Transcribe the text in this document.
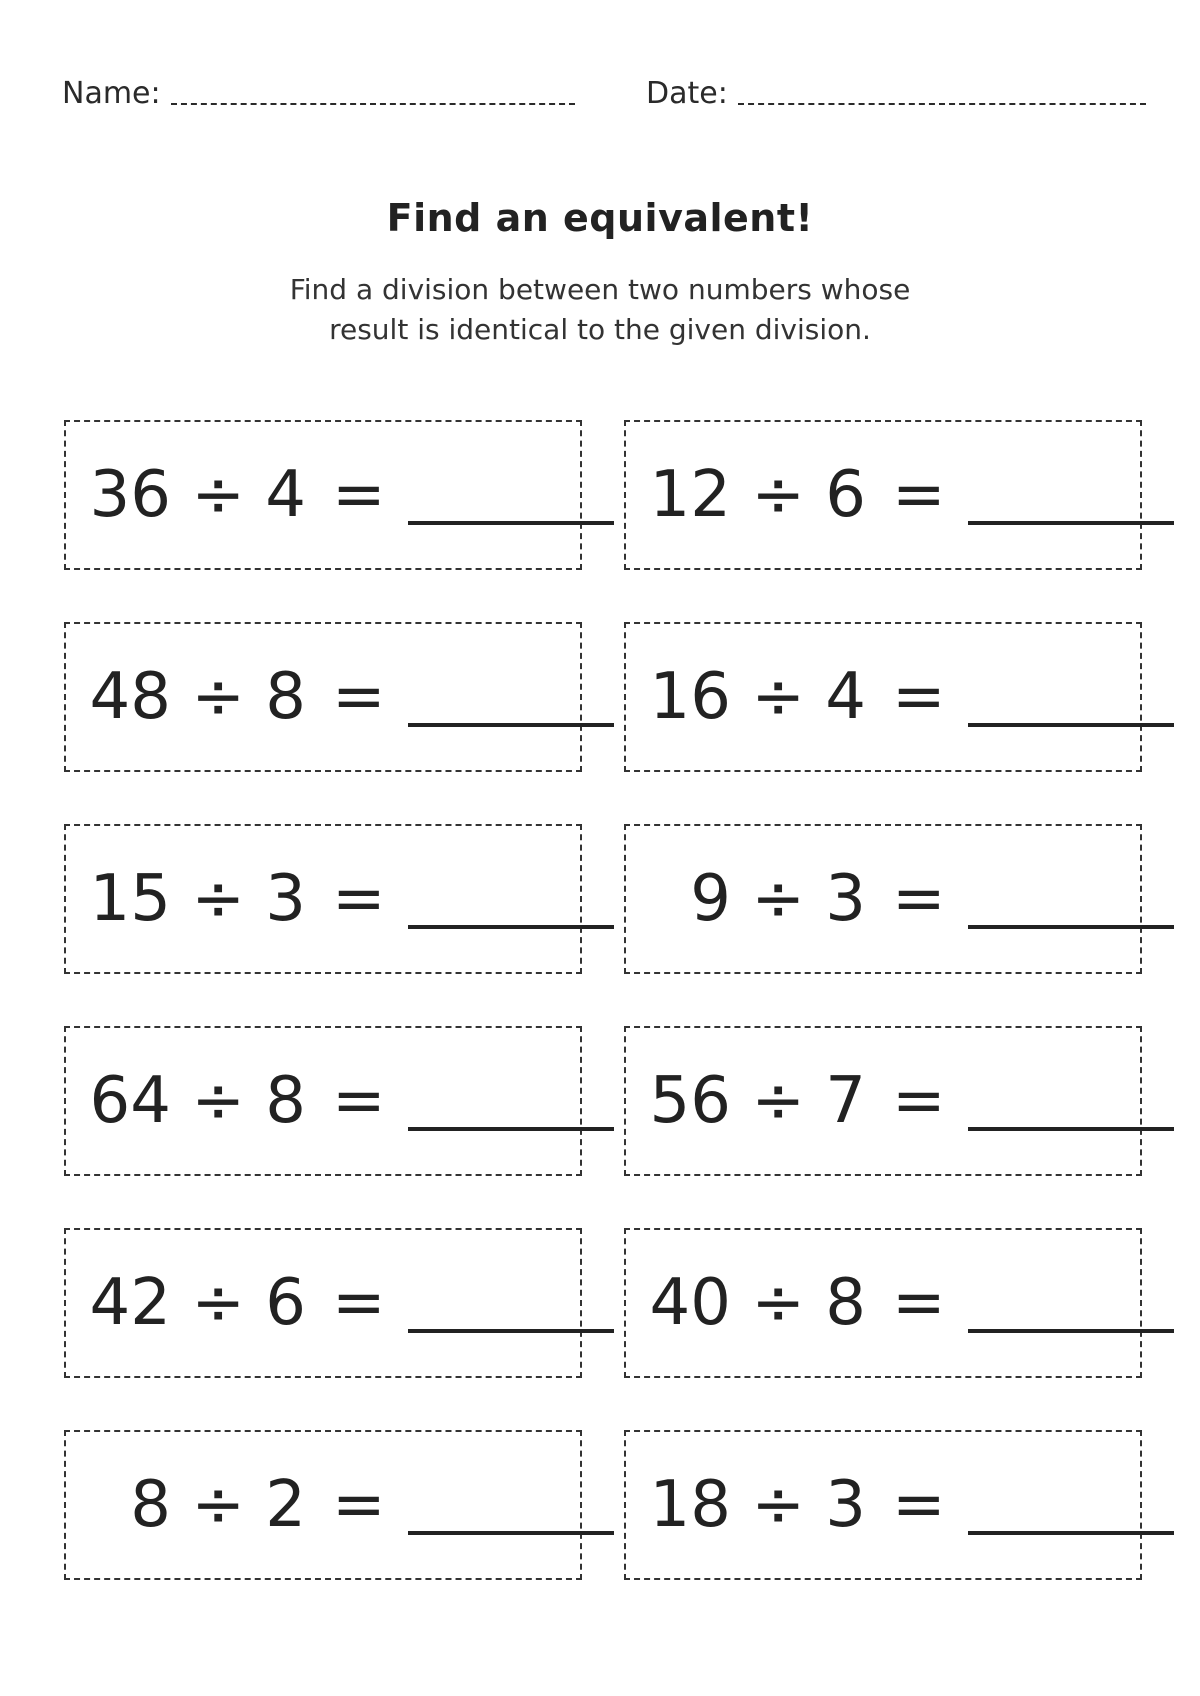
Name:	Date:
Find an equivalent!
Find a division between two numbers whose result is identical to the given division.
36 ÷ 4 =	12 ÷ 6 =
48 ÷ 8 =	16 ÷ 4 =
15 ÷ 3 =	9 ÷ 3 =
64 ÷ 8 =	56 ÷ 7 =
42 ÷ 6 =	40 ÷ 8 =
8 ÷ 2 =	18 ÷ 3 =
